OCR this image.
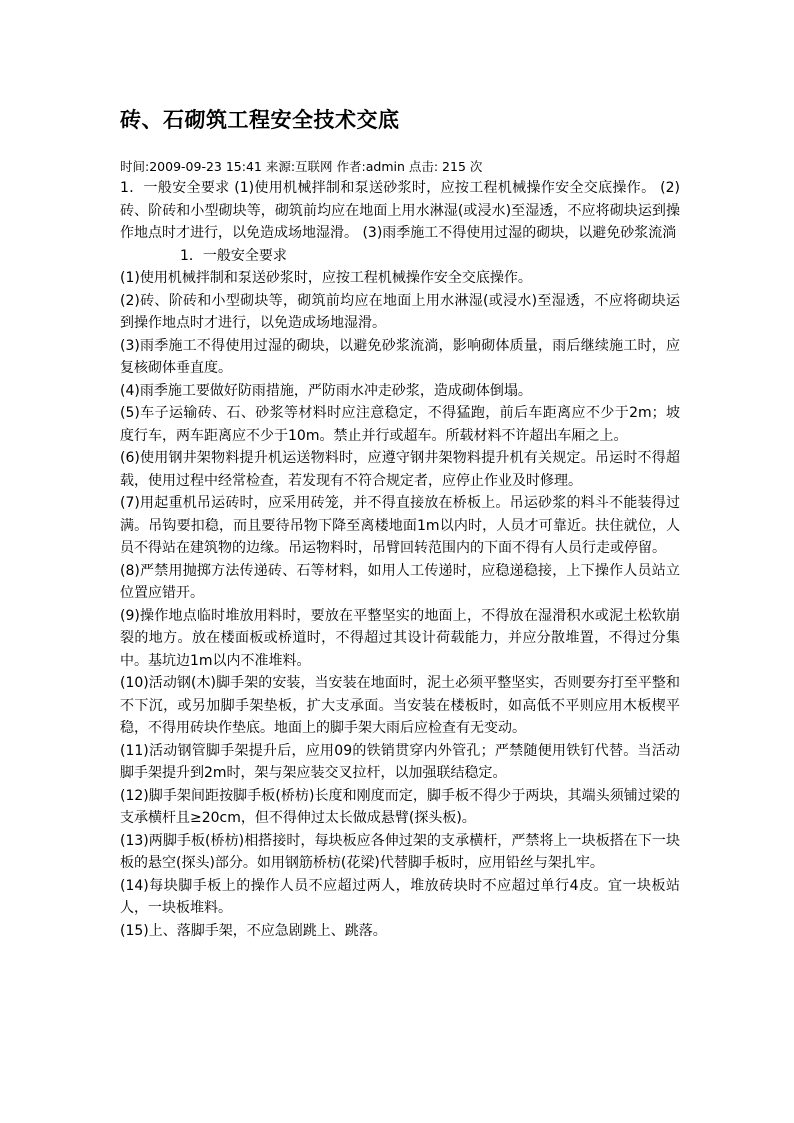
砖、石砌筑工程安全技术交底
时间:2009-09-23 15:41 来源:互联网 作者:admin 点击: 215 次

1．一般安全要求 (1)使用机械拌制和泵送砂浆时，应按工程机械操作安全交底操作。 (2)砖、阶砖和小型砌块等，砌筑前均应在地面上用水淋湿(或浸水)至湿透，不应将砌块运到操作地点时才进行，以免造成场地湿滑。 (3)雨季施工不得使用过湿的砌块，以避免砂浆流淌

1．一般安全要求

(1)使用机械拌制和泵送砂浆时，应按工程机械操作安全交底操作。

(2)砖、阶砖和小型砌块等，砌筑前均应在地面上用水淋湿(或浸水)至湿透，不应将砌块运到操作地点时才进行，以免造成场地湿滑。

(3)雨季施工不得使用过湿的砌块，以避免砂浆流淌，影响砌体质量，雨后继续施工时，应复核砌体垂直度。

(4)雨季施工要做好防雨措施，严防雨水冲走砂浆，造成砌体倒塌。

(5)车子运输砖、石、砂浆等材料时应注意稳定，不得猛跑，前后车距离应不少于2m；坡度行车，两车距离应不少于10m。禁止并行或超车。所载材料不许超出车厢之上。

(6)使用钢井架物料提升机运送物料时，应遵守钢井架物料提升机有关规定。吊运时不得超载，使用过程中经常检查，若发现有不符合规定者，应停止作业及时修理。

(7)用起重机吊运砖时，应采用砖笼，并不得直接放在桥板上。吊运砂浆的料斗不能装得过满。吊钩要扣稳，而且要待吊物下降至离楼地面1m以内时，人员才可靠近。扶住就位，人员不得站在建筑物的边缘。吊运物料时，吊臂回转范围内的下面不得有人员行走或停留。

(8)严禁用抛掷方法传递砖、石等材料，如用人工传递时，应稳递稳接，上下操作人员站立位置应错开。

(9)操作地点临时堆放用料时，要放在平整坚实的地面上，不得放在湿滑积水或泥土松软崩裂的地方。放在楼面板或桥道时，不得超过其设计荷载能力，并应分散堆置，不得过分集中。基坑边1m以内不准堆料。

(10)活动钢(木)脚手架的安装，当安装在地面时，泥土必须平整坚实，否则要夯打至平整和不下沉，或另加脚手架垫板，扩大支承面。当安装在楼板时，如高低不平则应用木板楔平稳，不得用砖块作垫底。地面上的脚手架大雨后应检查有无变动。

(11)活动钢管脚手架提升后，应用09的铁销贯穿内外管孔；严禁随便用铁钉代替。当活动脚手架提升到2m时，架与架应装交叉拉杆，以加强联结稳定。

(12)脚手架间距按脚手板(桥枋)长度和刚度而定，脚手板不得少于两块，其端头须铺过梁的支承横杆且≥20cm，但不得伸过太长做成悬臂(探头板)。

(13)两脚手板(桥枋)相搭接时，每块板应各伸过架的支承横杆，严禁将上一块板搭在下一块板的悬空(探头)部分。如用钢筋桥枋(花梁)代替脚手板时，应用铅丝与架扎牢。

(14)每块脚手板上的操作人员不应超过两人，堆放砖块时不应超过单行4皮。宜一块板站人，一块板堆料。

(15)上、落脚手架，不应急剧跳上、跳落。
